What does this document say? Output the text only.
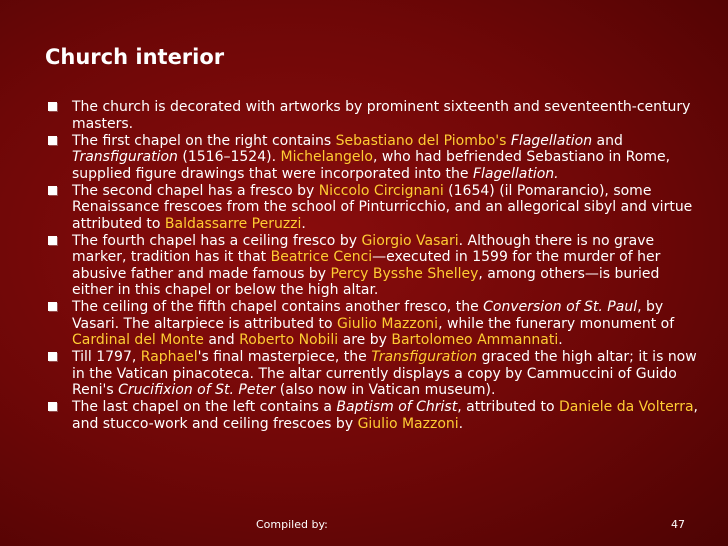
Church interior
The church is decorated with artworks by prominent sixteenth and seventeenth-century masters.
The first chapel on the right contains Sebastiano del Piombo's Flagellation and Transfiguration (1516–1524). Michelangelo, who had befriended Sebastiano in Rome, supplied figure drawings that were incorporated into the Flagellation.
The second chapel has a fresco by Niccolo Circignani (1654) (il Pomarancio), some Renaissance frescoes from the school of Pinturricchio, and an allegorical sibyl and virtue attributed to Baldassarre Peruzzi.
The fourth chapel has a ceiling fresco by Giorgio Vasari. Although there is no grave marker, tradition has it that Beatrice Cenci—executed in 1599 for the murder of her abusive father and made famous by Percy Bysshe Shelley, among others—is buried either in this chapel or below the high altar.
The ceiling of the fifth chapel contains another fresco, the Conversion of St. Paul, by Vasari. The altarpiece is attributed to Giulio Mazzoni, while the funerary monument of Cardinal del Monte and Roberto Nobili are by Bartolomeo Ammannati.
Till 1797, Raphael's final masterpiece, the Transfiguration graced the high altar; it is now in the Vatican pinacoteca. The altar currently displays a copy by Cammuccini of Guido Reni's Crucifixion of St. Peter (also now in Vatican museum).
The last chapel on the left contains a Baptism of Christ, attributed to Daniele da Volterra, and stucco-work and ceiling frescoes by Giulio Mazzoni.
Compiled by:	47
